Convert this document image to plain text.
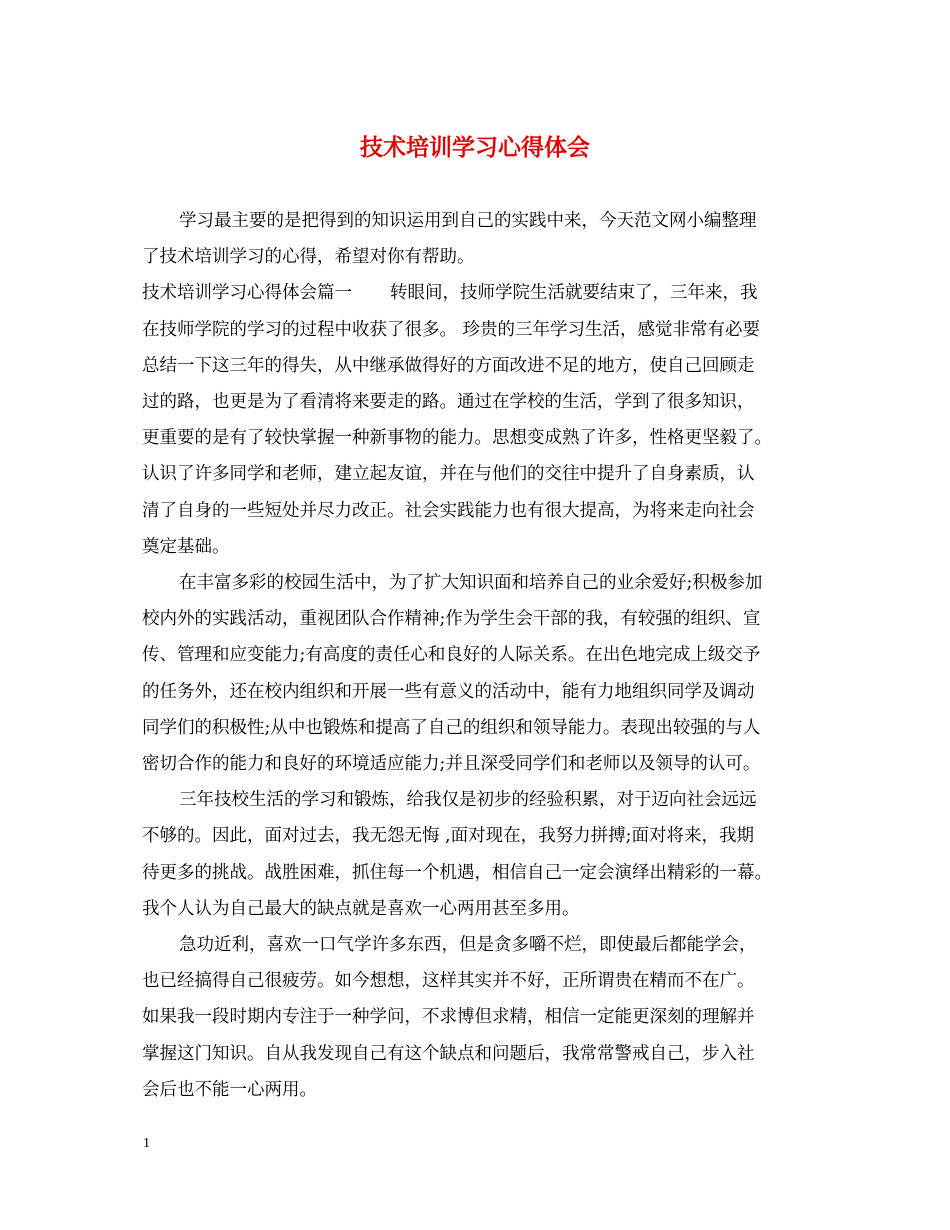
技术培训学习心得体会
学习最主要的是把得到的知识运用到自己的实践中来，今天范文网小编整理
了技术培训学习的心得，希望对你有帮助。
技术培训学习心得体会篇一 转眼间，技师学院生活就要结束了，三年来，我
在技师学院的学习的过程中收获了很多。 珍贵的三年学习生活，感觉非常有必要
总结一下这三年的得失，从中继承做得好的方面改进不足的地方，使自己回顾走
过的路，也更是为了看清将来要走的路。通过在学校的生活，学到了很多知识，
更重要的是有了较快掌握一种新事物的能力。思想变成熟了许多，性格更坚毅了。
认识了许多同学和老师，建立起友谊，并在与他们的交往中提升了自身素质，认
清了自身的一些短处并尽力改正。社会实践能力也有很大提高，为将来走向社会
奠定基础。
在丰富多彩的校园生活中，为了扩大知识面和培养自己的业余爱好;积极参加
校内外的实践活动，重视团队合作精神;作为学生会干部的我，有较强的组织、宣
传、管理和应变能力;有高度的责任心和良好的人际关系。在出色地完成上级交予
的任务外，还在校内组织和开展一些有意义的活动中，能有力地组织同学及调动
同学们的积极性;从中也锻炼和提高了自己的组织和领导能力。表现出较强的与人
密切合作的能力和良好的环境适应能力;并且深受同学们和老师以及领导的认可。
三年技校生活的学习和锻炼，给我仅是初步的经验积累，对于迈向社会远远
不够的。因此，面对过去，我无怨无悔 ,面对现在，我努力拼搏;面对将来，我期
待更多的挑战。战胜困难，抓住每一个机遇，相信自己一定会演绎出精彩的一幕。
我个人认为自己最大的缺点就是喜欢一心两用甚至多用。
急功近利，喜欢一口气学许多东西，但是贪多嚼不烂，即使最后都能学会，
也已经搞得自己很疲劳。如今想想，这样其实并不好，正所谓贵在精而不在广。
如果我一段时期内专注于一种学问，不求博但求精，相信一定能更深刻的理解并
掌握这门知识。自从我发现自己有这个缺点和问题后，我常常警戒自己，步入社
会后也不能一心两用。
1
